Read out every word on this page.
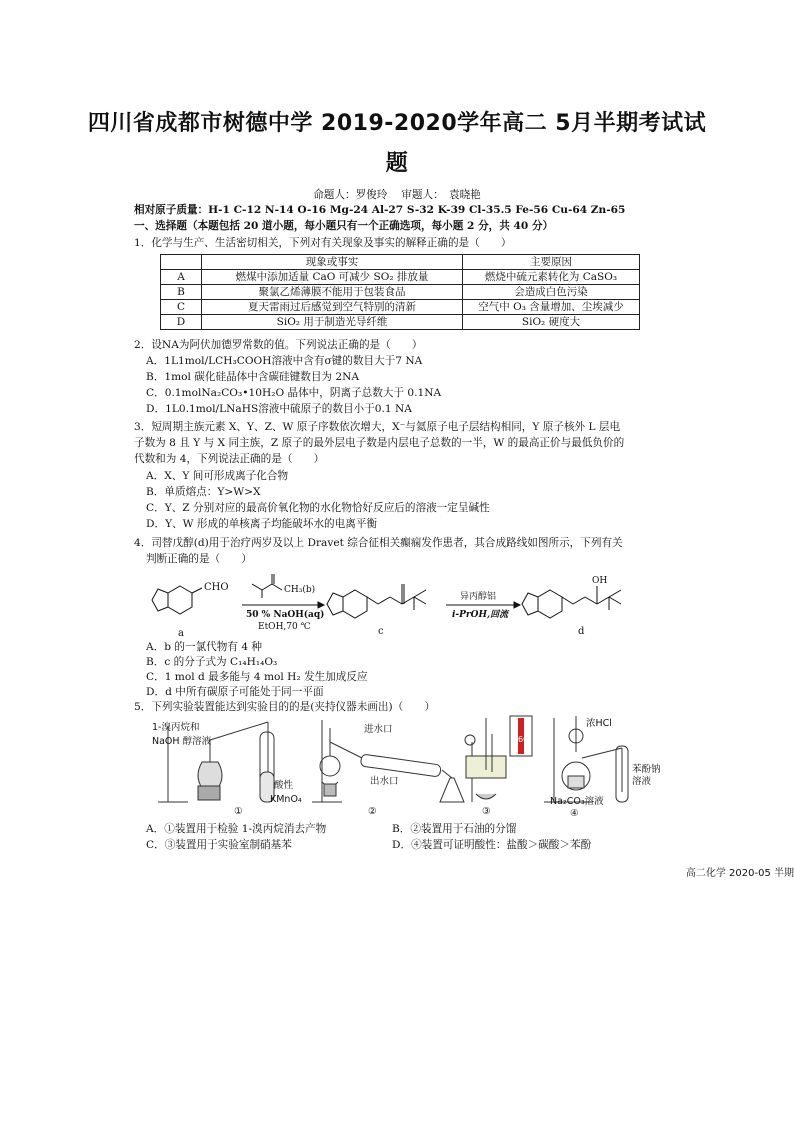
四川省成都市树德中学 2019-2020学年高二 5月半期考试试
题
命题人：罗俊玲　 审题人：　袁晓艳
相对原子质量：H-1 C-12 N-14 O-16 Mg-24 Al-27 S-32 K-39 Cl-35.5 Fe-56 Cu-64 Zn-65
一、选择题（本题包括 20 道小题，每小题只有一个正确选项，每小题 2 分，共 40 分）
1．化学与生产、生活密切相关，下列对有关现象及事实的解释正确的是（　　）
	现象或事实	主要原因
A	燃煤中添加适量 CaO 可减少 SO₂ 排放量	燃烧中硫元素转化为 CaSO₃
B	聚氯乙烯薄膜不能用于包装食品	会造成白色污染
C	夏天雷雨过后感觉到空气特别的清新	空气中 O₃ 含量增加、尘埃减少
D	SiO₂ 用于制造光导纤维	SiO₂ 硬度大
2．设NA为阿伏加德罗常数的值。下列说法正确的是（　　）
A．1L1mol/LCH₃COOH溶液中含有σ键的数目大于7 NA
B．1mol 碳化硅晶体中含碳硅键数目为 2NA
C．0.1molNa₂CO₃•10H₂O 晶体中，阴离子总数大于 0.1NA
D．1L0.1mol/LNaHS溶液中硫原子的数目小于0.1 NA
3．短周期主族元素 X、Y、Z、W 原子序数依次增大，X⁻与氦原子电子层结构相同，Y 原子核外 L 层电
子数为 8 且 Y 与 X 同主族，Z 原子的最外层电子数是内层电子总数的一半，W 的最高正价与最低负价的
代数和为 4，下列说法正确的是（　　）
A．X、Y 间可形成离子化合物
B．单质熔点：Y>W>X
C．Y、Z 分别对应的最高价氧化物的水化物恰好反应后的溶液一定呈碱性
D．Y、W 形成的单核离子均能破坏水的电离平衡
4．司替戊醇(d)用于治疗两岁及以上 Dravet 综合征相关癫痫发作患者，其合成路线如图所示，下列有关
判断正确的是（　　）
CHO
a
CH₃(b)
50 % NaOH(aq)
EtOH,70 ℃	c
异丙醇铝
i-PrOH,回流
OH
d
A．b 的一氯代物有 4 种
B．c 的分子式为 C₁₄H₁₄O₃
C．1 mol d 最多能与 4 mol H₂ 发生加成反应
D．d 中所有碳原子可能处于同一平面
5．下列实验装置能达到实验目的的是(夹持仪器未画出)（　　）
1-溴丙烷和
NaOH 醇溶液
酸性
KMnO₄
①
进水口
出水口
②
60
③
浓HCl
苯酚钠
溶液
Na₂CO₃溶液
④
A．①装置用于检验 1-溴丙烷消去产物	B．②装置用于石油的分馏
C．③装置用于实验室制硝基苯	D．④装置可证明酸性：盐酸＞碳酸＞苯酚
高二化学 2020-05 半期
